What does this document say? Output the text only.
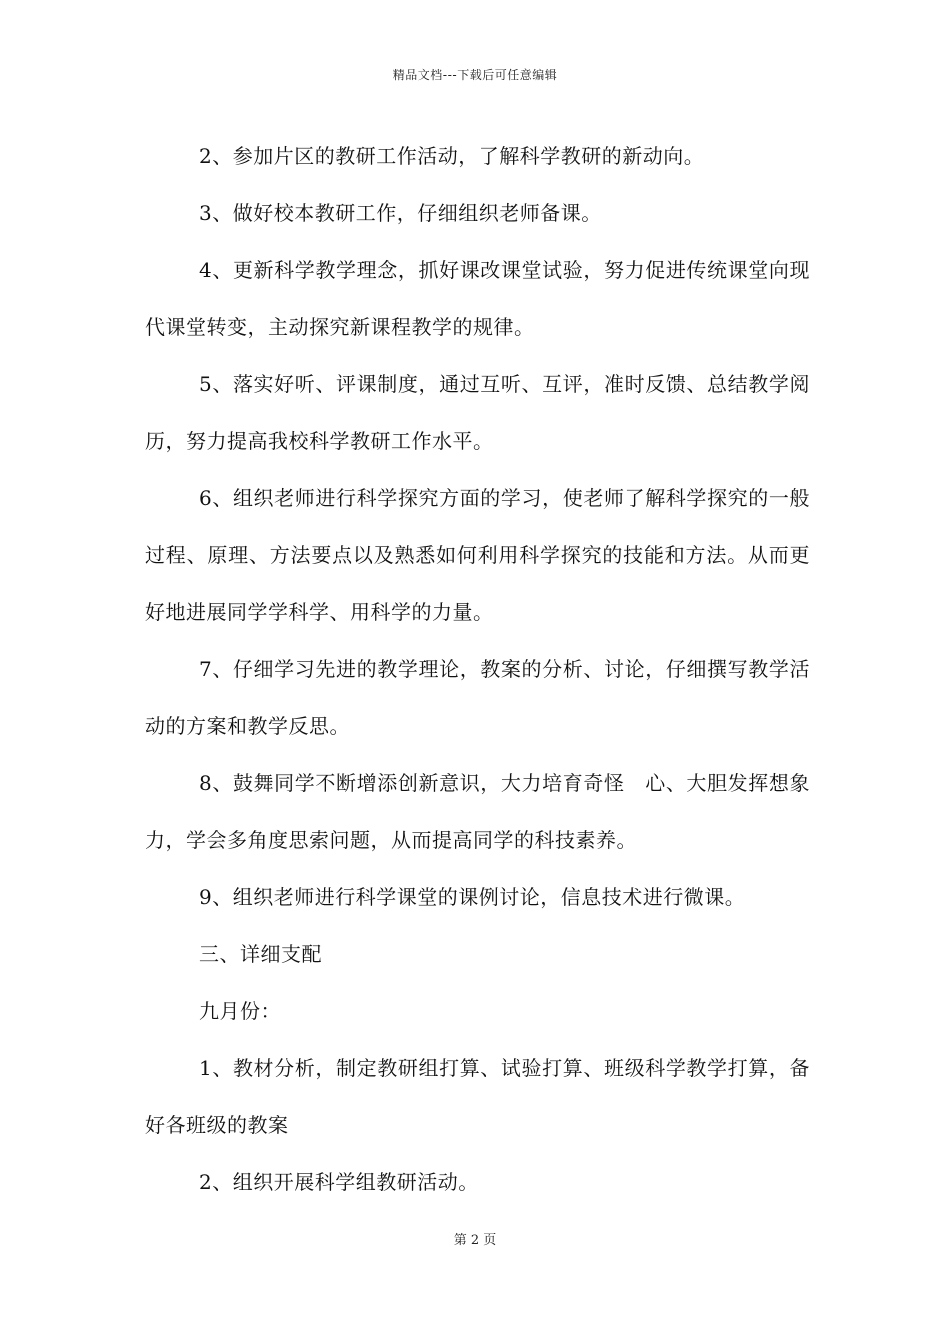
精品文档---下载后可任意编辑

2、参加片区的教研工作活动，了解科学教研的新动向。

3、做好校本教研工作，仔细组织老师备课。

4、更新科学教学理念，抓好课改课堂试验，努力促进传统课堂向现代课堂转变，主动探究新课程教学的规律。

5、落实好听、评课制度，通过互听、互评，准时反馈、总结教学阅历，努力提高我校科学教研工作水平。

6、组织老师进行科学探究方面的学习，使老师了解科学探究的一般过程、原理、方法要点以及熟悉如何利用科学探究的技能和方法。从而更好地进展同学学科学、用科学的力量。

7、仔细学习先进的教学理论，教案的分析、讨论，仔细撰写教学活动的方案和教学反思。

8、鼓舞同学不断增添创新意识，大力培育奇怪　心、大胆发挥想象力，学会多角度思索问题，从而提高同学的科技素养。

9、组织老师进行科学课堂的课例讨论，信息技术进行微课。

三、详细支配

九月份：

1、教材分析，制定教研组打算、试验打算、班级科学教学打算，备好各班级的教案

2、组织开展科学组教研活动。

第 2 页
